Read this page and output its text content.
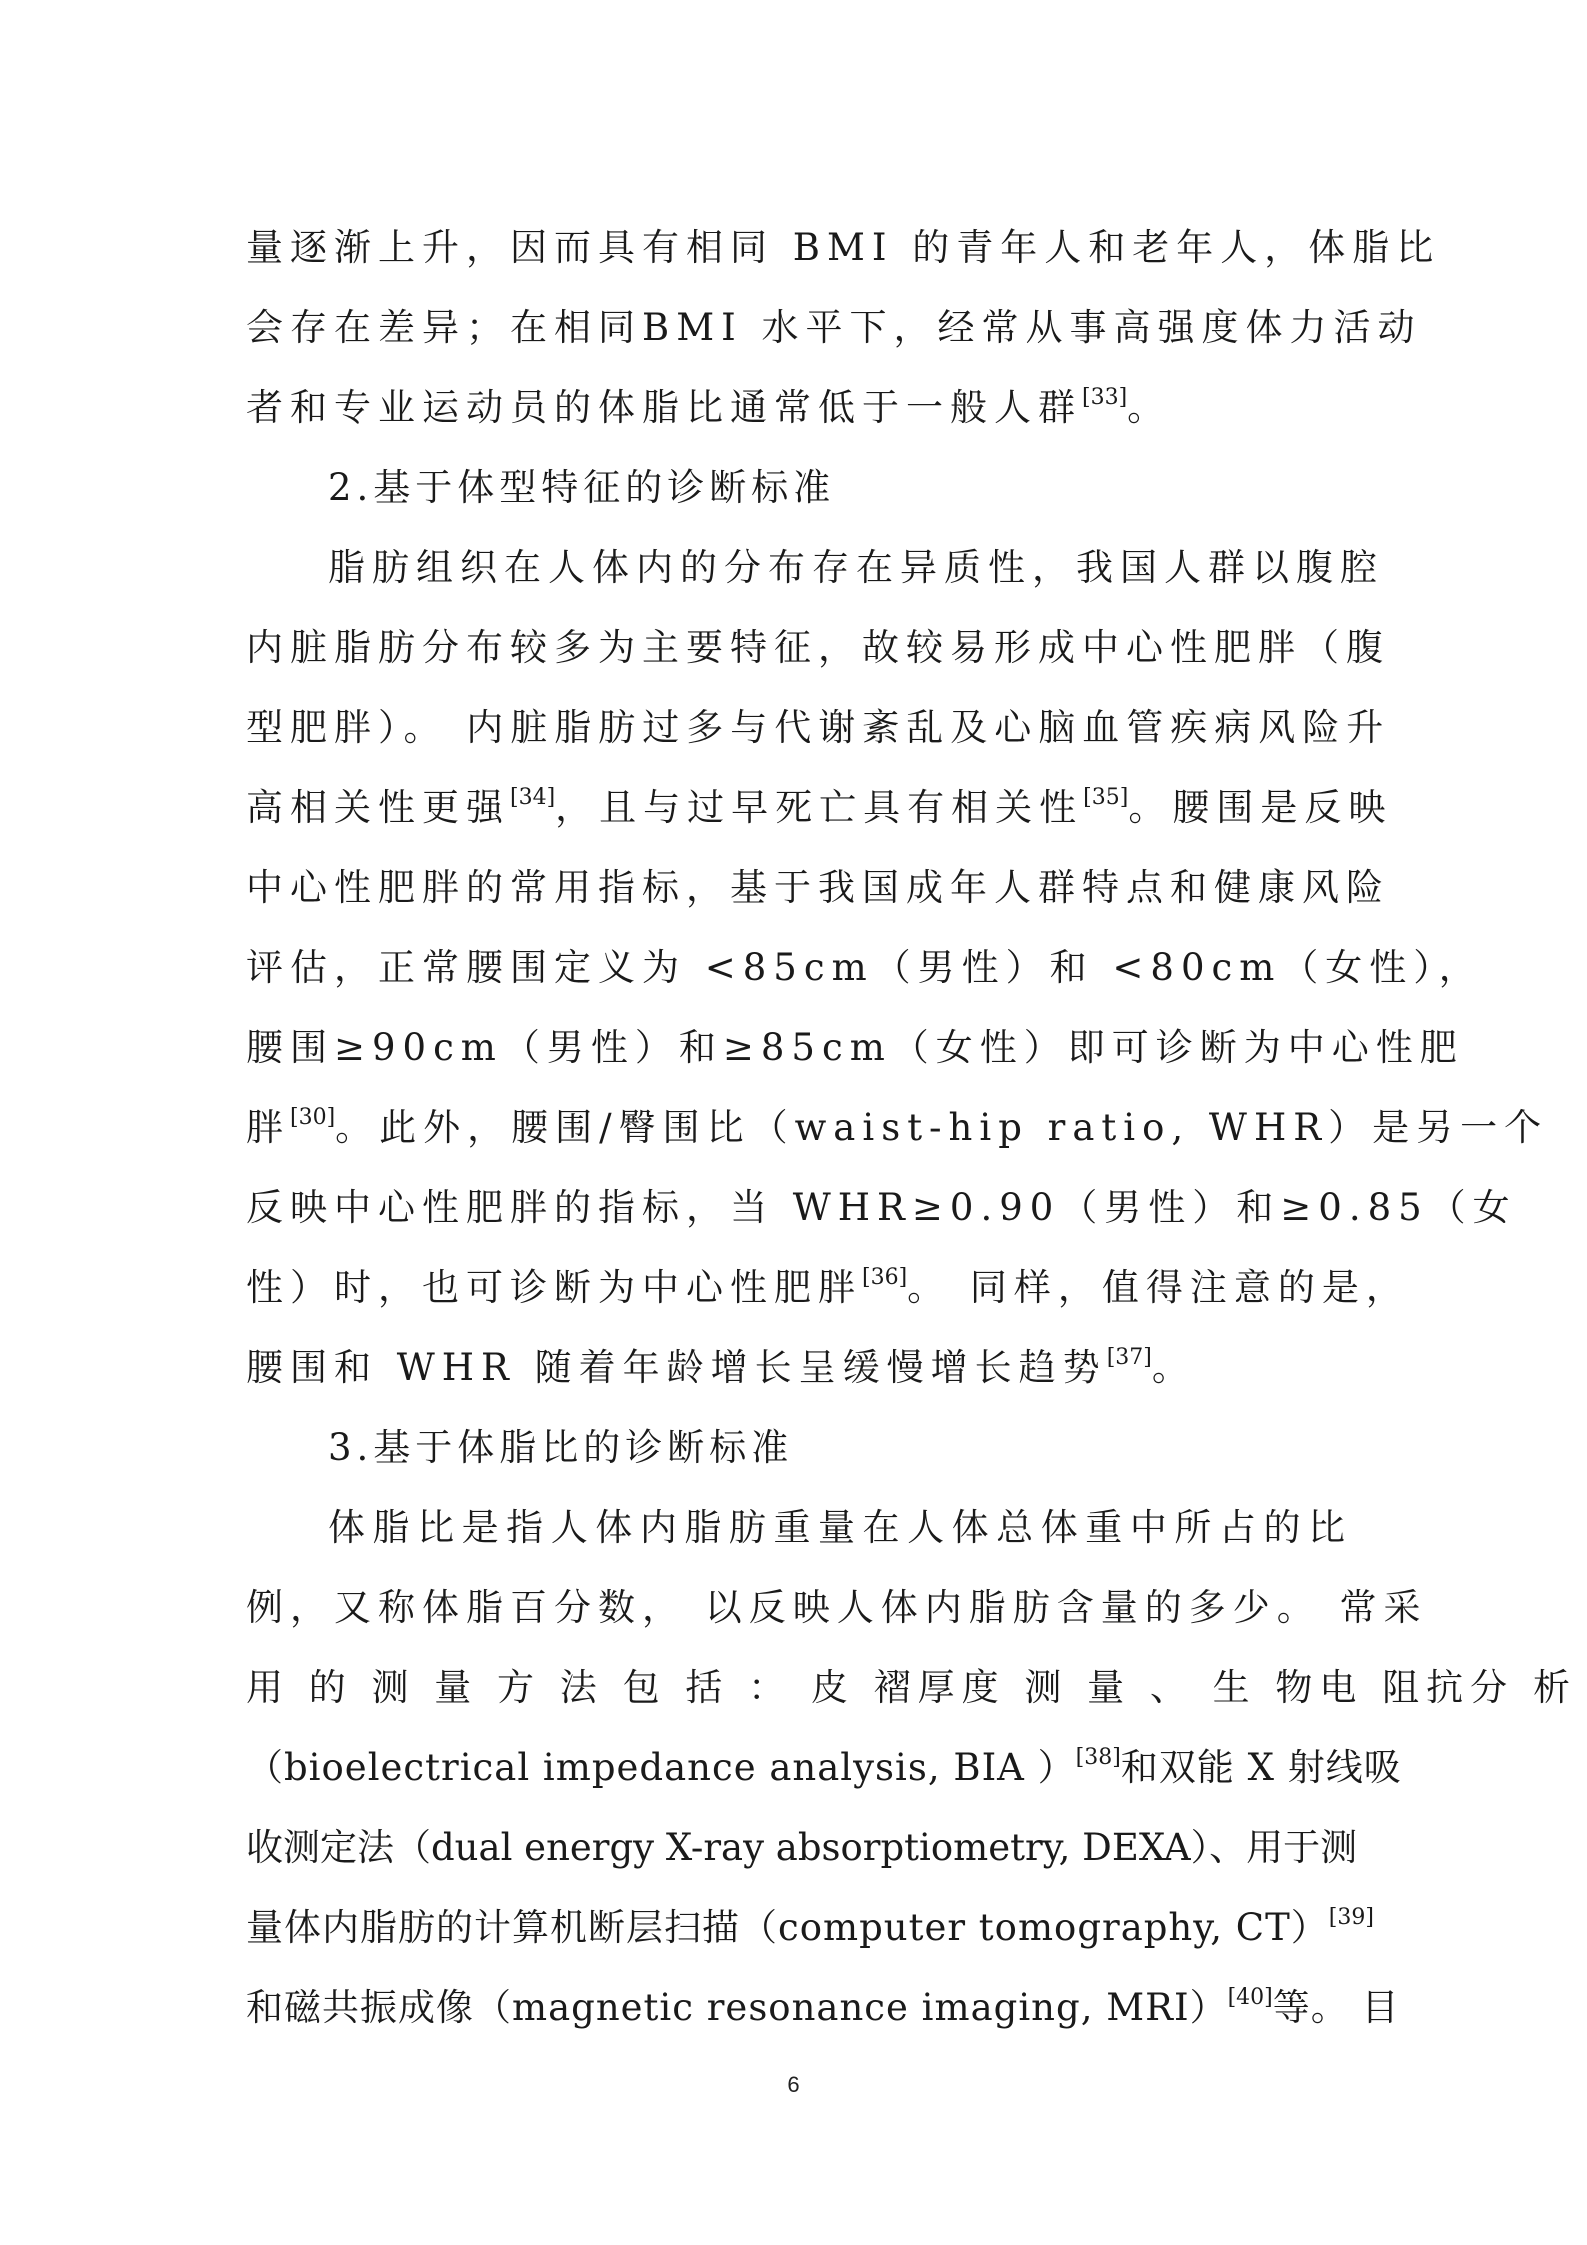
量逐渐上升，因而具有相同 BMI 的青年人和老年人，体脂比
会存在差异；在相同BMI 水平下，经常从事高强度体力活动
者和专业运动员的体脂比通常低于一般人群[33]。
2.基于体型特征的诊断标准
脂肪组织在人体内的分布存在异质性，我国人群以腹腔
内脏脂肪分布较多为主要特征，故较易形成中心性肥胖（腹
型肥胖）。 内脏脂肪过多与代谢紊乱及心脑血管疾病风险升
高相关性更强[34]，且与过早死亡具有相关性[35]。腰围是反映
中心性肥胖的常用指标，基于我国成年人群特点和健康风险
评估，正常腰围定义为 <85cm（男性）和 <80cm（女性），
腰围≥90cm（男性）和≥85cm（女性）即可诊断为中心性肥
胖[30]。此外，腰围/臀围比（waist-hip ratio, WHR）是另一个
反映中心性肥胖的指标，当 WHR≥0.90（男性）和≥0.85（女
性）时，也可诊断为中心性肥胖[36]。 同样，值得注意的是，
腰围和 WHR 随着年龄增长呈缓慢增长趋势[37]。
3.基于体脂比的诊断标准
体脂比是指人体内脂肪重量在人体总体重中所占的比
例，又称体脂百分数， 以反映人体内脂肪含量的多少。 常采
用 的 测 量 方 法 包 括 ： 皮 褶厚度 测 量 、 生 物电 阻抗分 析
（bioelectrical impedance analysis, BIA ）[38]和双能 X 射线吸
收测定法（dual energy X-ray absorptiometry, DEXA）、用于测
量体内脂肪的计算机断层扫描（computer tomography, CT）[39]
和磁共振成像（magnetic resonance imaging, MRI）[40]等。 目
6
